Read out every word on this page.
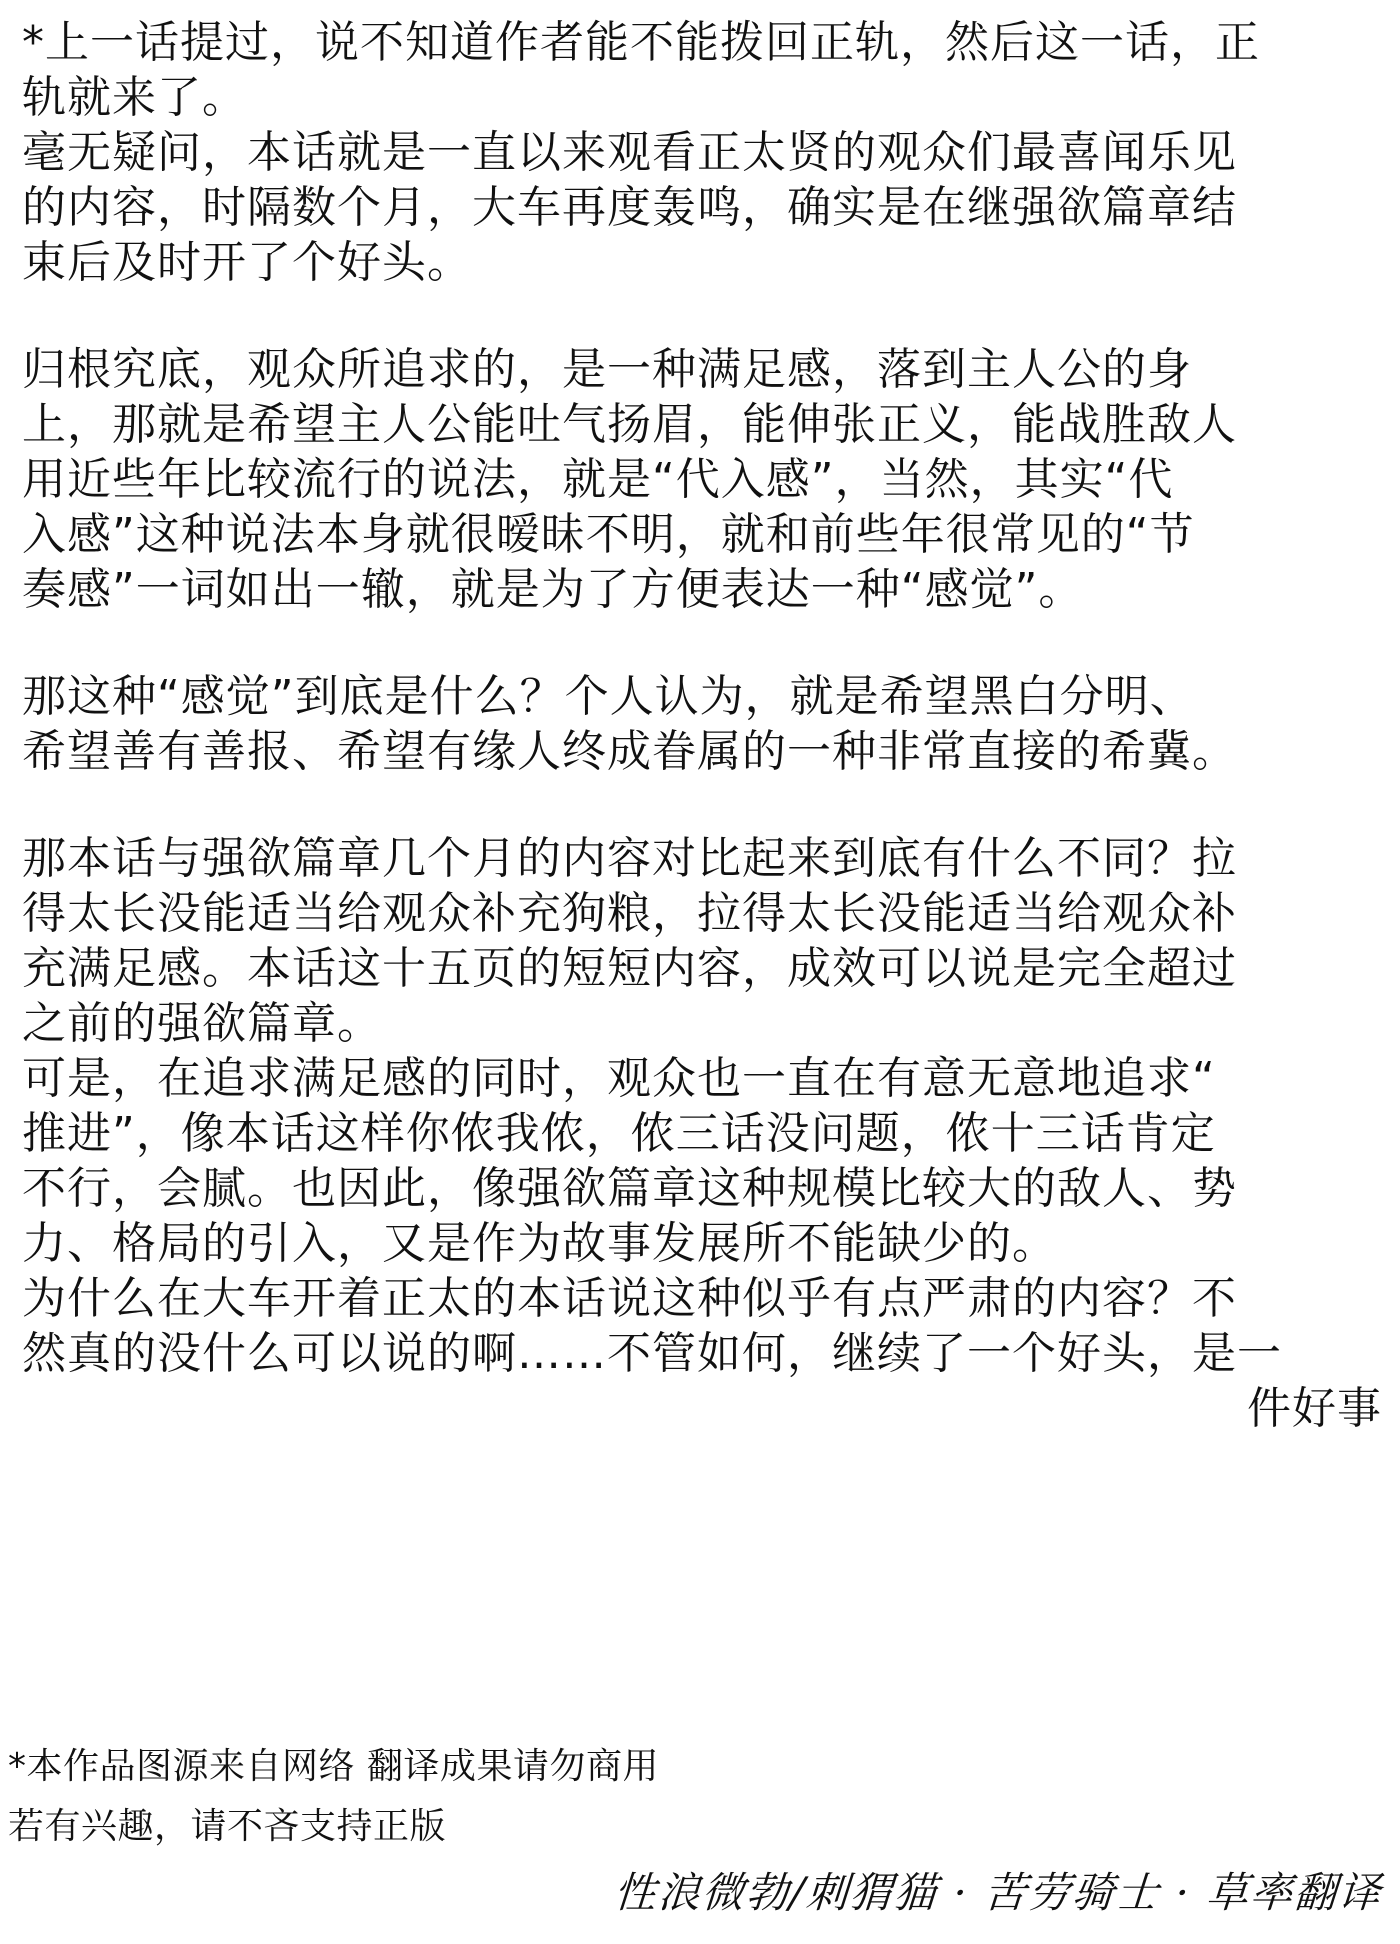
*上一话提过，说不知道作者能不能拨回正轨，然后这一话，正
轨就来了。
毫无疑问，本话就是一直以来观看正太贤的观众们最喜闻乐见
的内容，时隔数个月，大车再度轰鸣，确实是在继强欲篇章结
束后及时开了个好头。
归根究底，观众所追求的，是一种满足感，落到主人公的身
上，那就是希望主人公能吐气扬眉，能伸张正义，能战胜敌人
用近些年比较流行的说法，就是“代入感”，当然，其实“代
入感”这种说法本身就很暧昧不明，就和前些年很常见的“节
奏感”一词如出一辙，就是为了方便表达一种“感觉”。
那这种“感觉”到底是什么？个人认为，就是希望黑白分明、
希望善有善报、希望有缘人终成眷属的一种非常直接的希冀。
那本话与强欲篇章几个月的内容对比起来到底有什么不同？拉
得太长没能适当给观众补充狗粮，拉得太长没能适当给观众补
充满足感。本话这十五页的短短内容，成效可以说是完全超过
之前的强欲篇章。
可是，在追求满足感的同时，观众也一直在有意无意地追求“
推进”，像本话这样你侬我侬，侬三话没问题，侬十三话肯定
不行，会腻。也因此，像强欲篇章这种规模比较大的敌人、势
力、格局的引入，又是作为故事发展所不能缺少的。
为什么在大车开着正太的本话说这种似乎有点严肃的内容？不
然真的没什么可以说的啊……不管如何，继续了一个好头，是一
件好事
*本作品图源来自网络 翻译成果请勿商用
若有兴趣，请不吝支持正版
性浪微勃/刺猬猫 · 苦劳骑士 · 草率翻译
